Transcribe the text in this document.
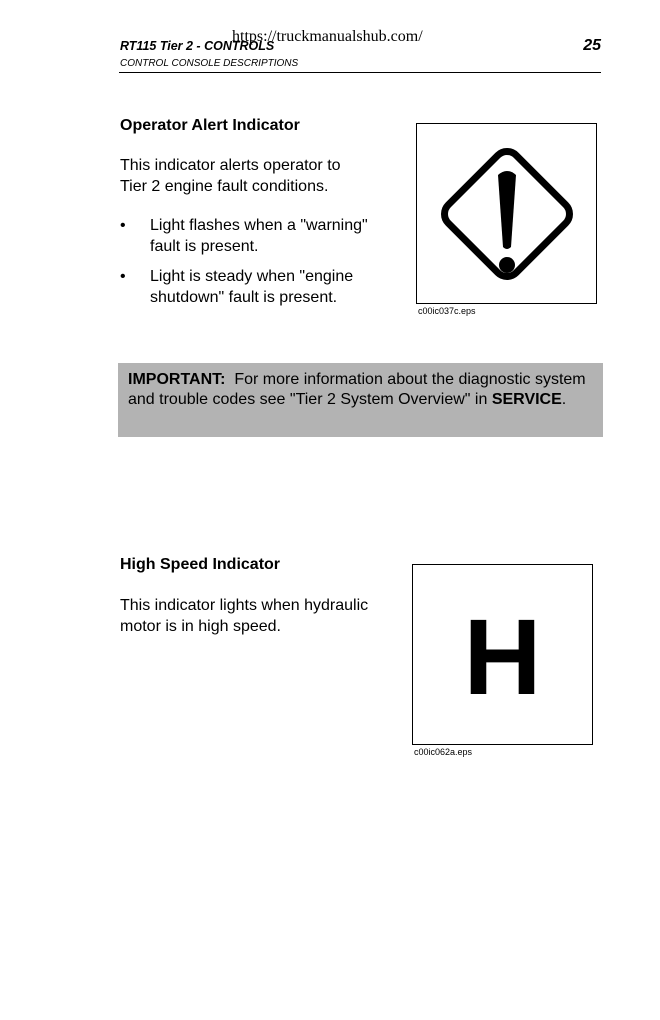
https://truckmanualshub.com/
RT115 Tier 2 - CONTROLS	25
CONTROL CONSOLE DESCRIPTIONS
Operator Alert Indicator
This indicator alerts operator to Tier 2 engine fault conditions.
• Light flashes when a "warning" fault is present.
• Light is steady when "engine shutdown" fault is present.
c00ic037c.eps
IMPORTANT: For more information about the diagnostic system and trouble codes see "Tier 2 System Overview" in SERVICE.
High Speed Indicator
This indicator lights when hydraulic motor is in high speed.	H
c00ic062a.eps
